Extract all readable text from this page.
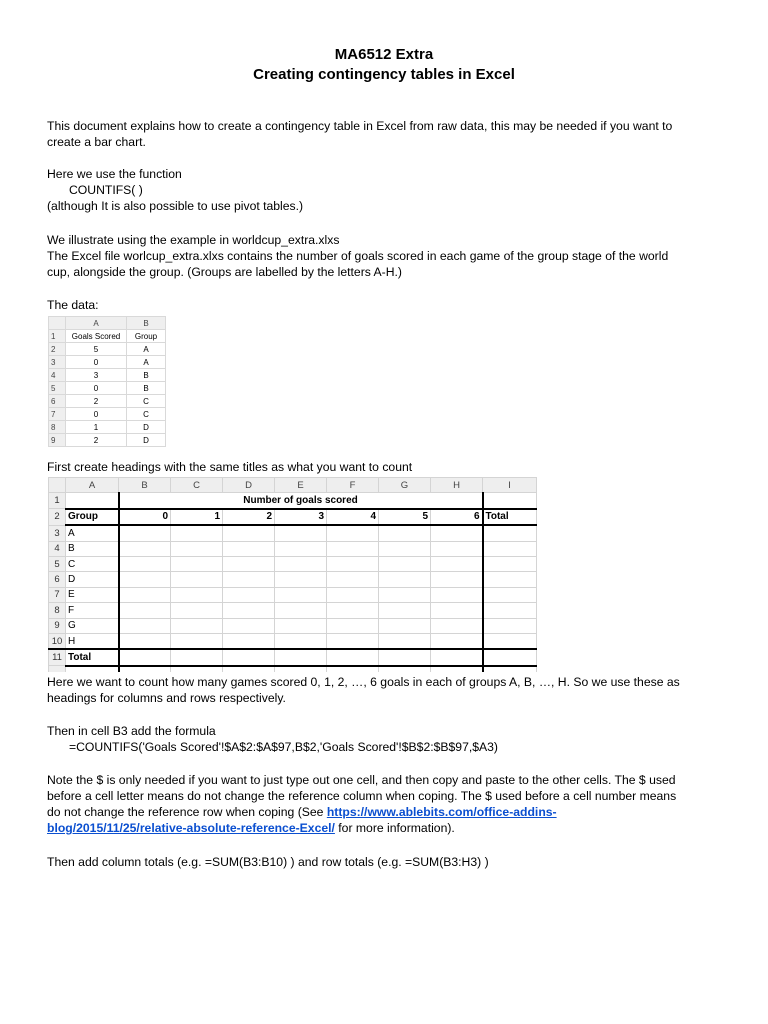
MA6512 Extra
Creating contingency tables in Excel
This document explains how to create a contingency table in Excel from raw data, this may be needed if you want to
create a bar chart.
Here we use the function
COUNTIFS( )
(although It is also possible to use pivot tables.)
We illustrate using the example in worldcup_extra.xlxs
The Excel file worlcup_extra.xlxs contains the number of goals scored in each game of the group stage of the world
cup, alongside the group. (Groups are labelled by the letters A-H.)
The data:
	A	B
1	Goals Scored	Group
2	5	A
3	0	A
4	3	B
5	0	B
6	2	C
7	0	C
8	1	D
9	2	D
First create headings with the same titles as what you want to count
	A	B	C	D	E	F	G	H	I
1		Number of goals scored							
2	Group	0	1	2	3	4	5	6	Total
3	A								
4	B								
5	C								
6	D								
7	E								
8	F								
9	G								
10	H								
11	Total								

Here we want to count how many games scored 0, 1, 2, …, 6 goals in each of groups A, B, …, H. So we use these as
headings for columns and rows respectively.
Then in cell B3 add the formula
=COUNTIFS('Goals Scored'!$A$2:$A$97,B$2,'Goals Scored'!$B$2:$B$97,$A3)
Note the $ is only needed if you want to just type out one cell, and then copy and paste to the other cells. The $ used
before a cell letter means do not change the reference column when coping. The $ used before a cell number means
do not change the reference row when coping (See https://www.ablebits.com/office-addins-
blog/2015/11/25/relative-absolute-reference-Excel/ for more information).
Then add column totals (e.g. =SUM(B3:B10) ) and row totals (e.g. =SUM(B3:H3) )
